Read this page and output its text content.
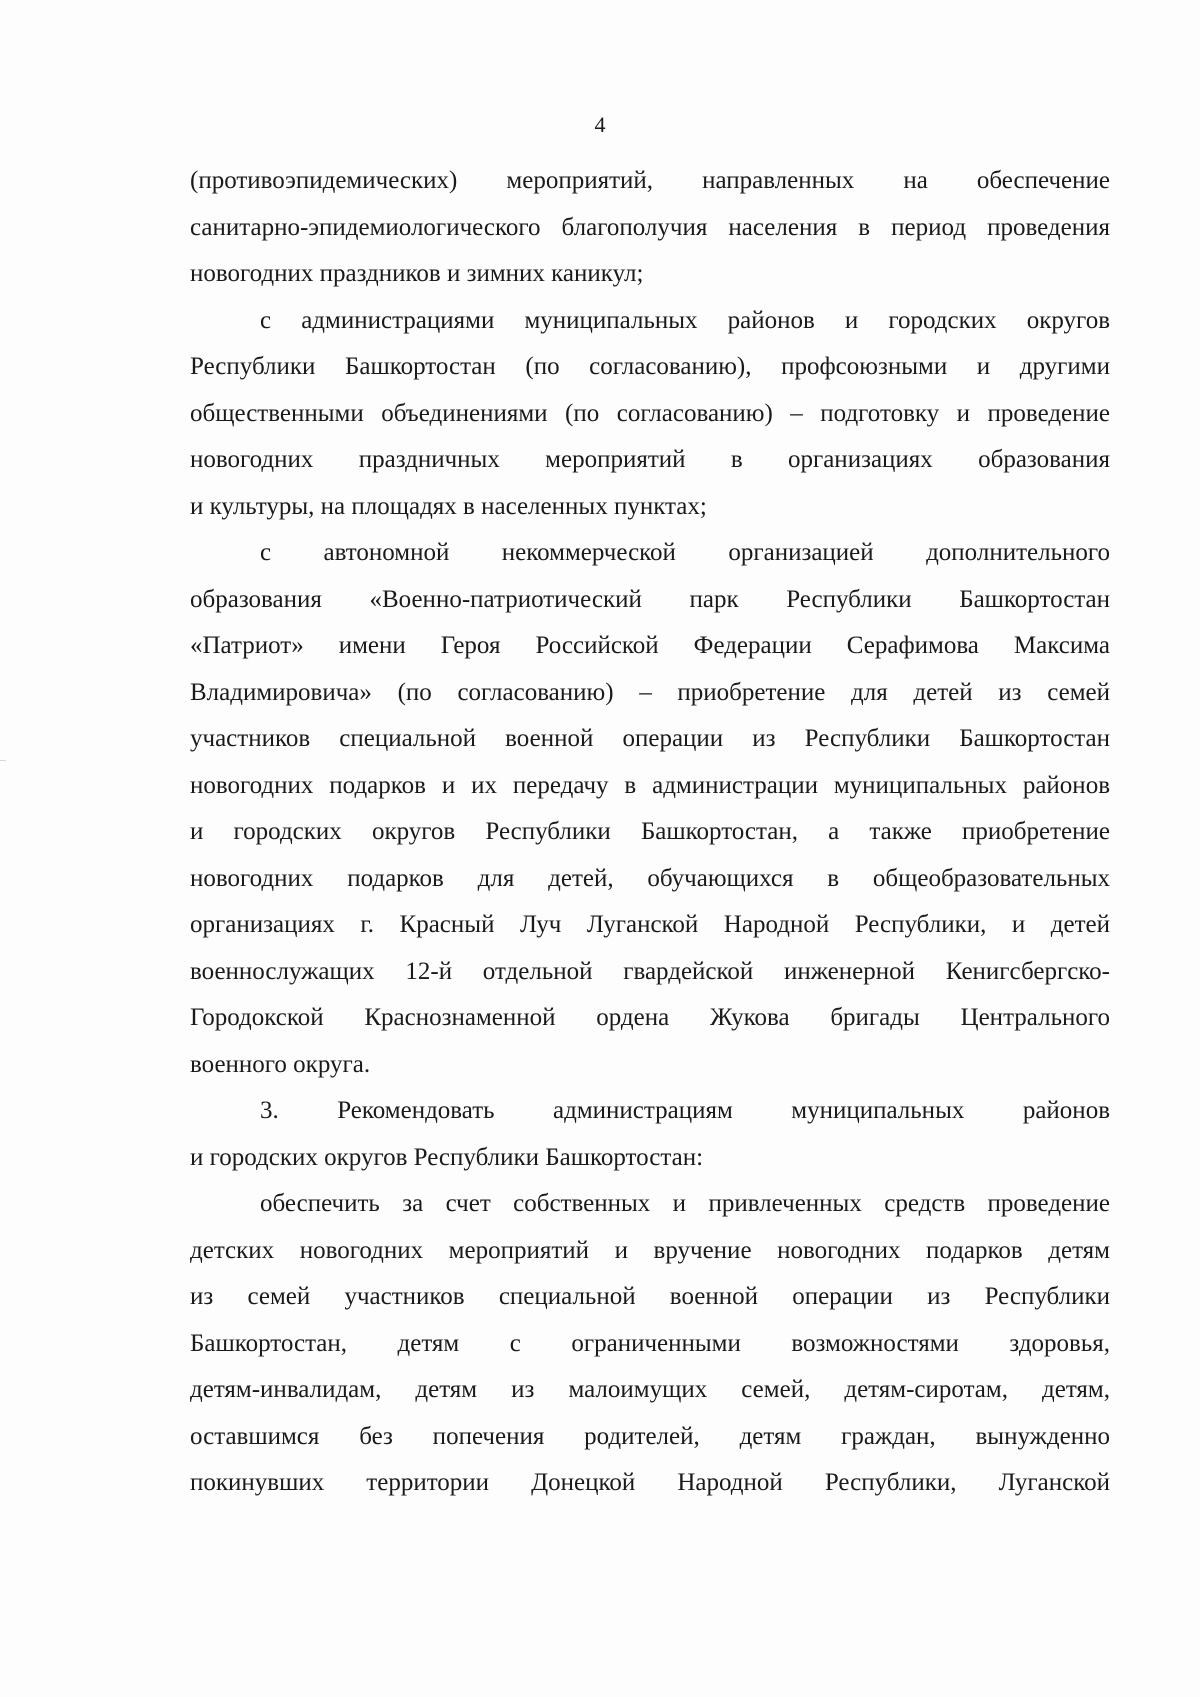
4
(противоэпидемических) мероприятий, направленных на обеспечение
санитарно-эпидемиологического благополучия населения в период проведения
новогодних праздников и зимних каникул;
с администрациями муниципальных районов и городских округов
Республики Башкортостан (по согласованию), профсоюзными и другими
общественными объединениями (по согласованию) – подготовку и проведение
новогодних праздничных мероприятий в организациях образования
и культуры, на площадях в населенных пунктах;
с автономной некоммерческой организацией дополнительного
образования «Военно-патриотический парк Республики Башкортостан
«Патриот» имени Героя Российской Федерации Серафимова Максима
Владимировича» (по согласованию) – приобретение для детей из семей
участников специальной военной операции из Республики Башкортостан
новогодних подарков и их передачу в администрации муниципальных районов
и городских округов Республики Башкортостан, а также приобретение
новогодних подарков для детей, обучающихся в общеобразовательных
организациях г. Красный Луч Луганской Народной Республики, и детей
военнослужащих 12-й отдельной гвардейской инженерной Кенигсбергско-
Городокской Краснознаменной ордена Жукова бригады Центрального
военного округа.
3. Рекомендовать администрациям муниципальных районов
и городских округов Республики Башкортостан:
обеспечить за счет собственных и привлеченных средств проведение
детских новогодних мероприятий и вручение новогодних подарков детям
из семей участников специальной военной операции из Республики
Башкортостан, детям с ограниченными возможностями здоровья,
детям-инвалидам, детям из малоимущих семей, детям-сиротам, детям,
оставшимся без попечения родителей, детям граждан, вынужденно
покинувших территории Донецкой Народной Республики, Луганской
